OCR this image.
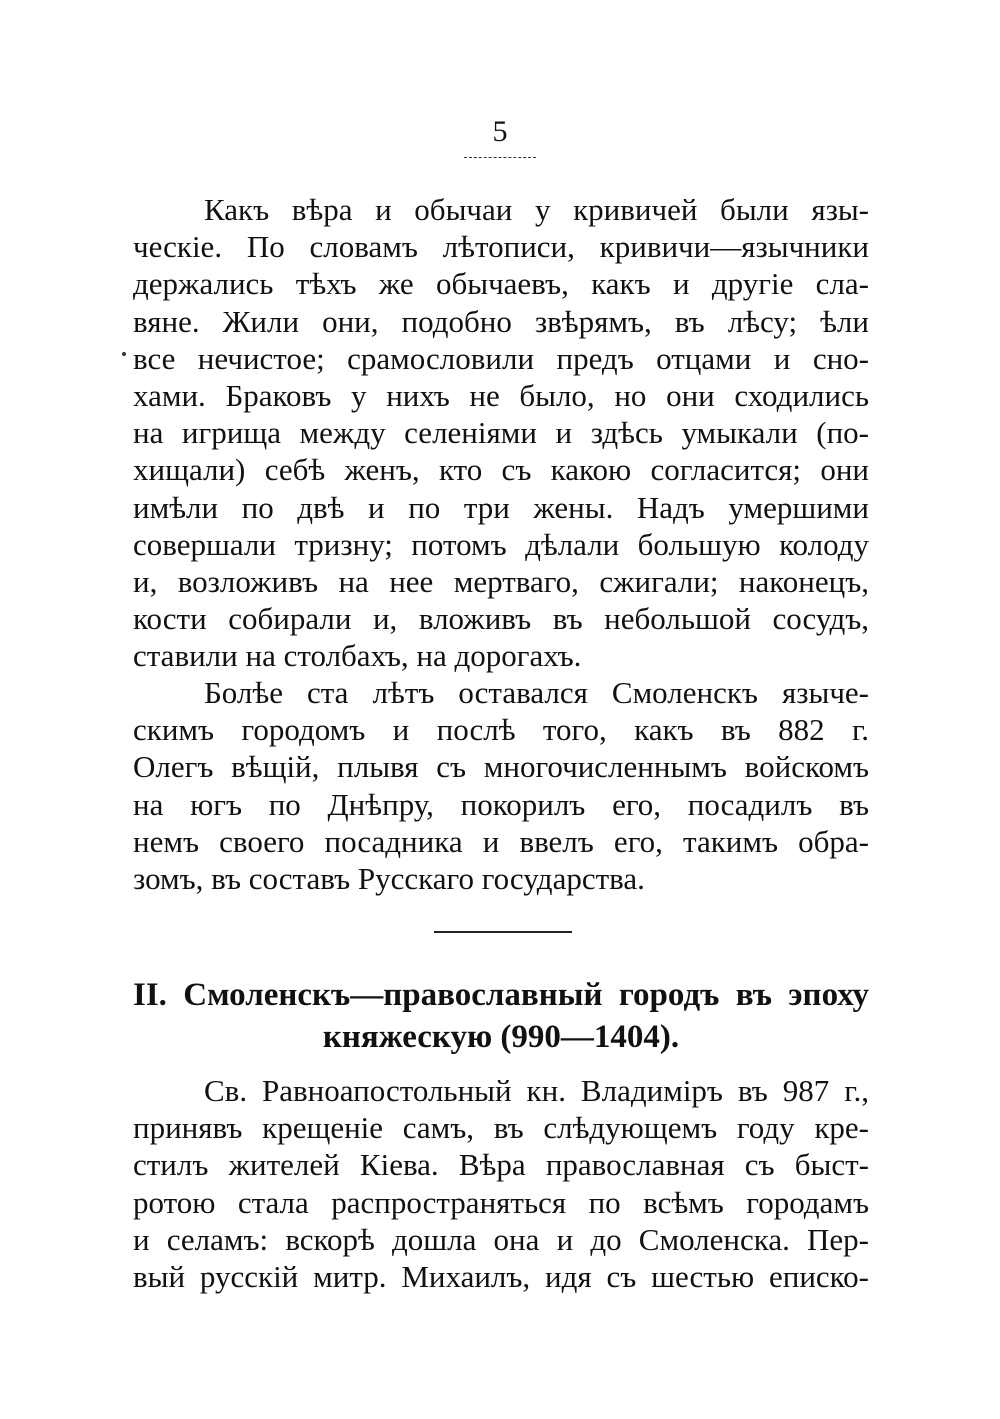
5
Какъ вѣра и обычаи у кривичей были язы-
ческіе. По словамъ лѣтописи, кривичи—язычники
держались тѣхъ же обычаевъ, какъ и другіе сла-
вяне. Жили они, подобно звѣрямъ, въ лѣсу; ѣли
все нечистое; срамословили предъ отцами и сно-
хами. Браковъ у нихъ не было, но они сходились
на игрища между селеніями и здѣсь умыкали (по-
хищали) себѣ женъ, кто съ какою согласится; они
имѣли по двѣ и по три жены. Надъ умершими
совершали тризну; потомъ дѣлали большую колоду
и, возложивъ на нее мертваго, сжигали; наконецъ,
кости собирали и, вложивъ въ небольшой сосудъ,
ставили на столбахъ, на дорогахъ.
Болѣе ста лѣтъ оставался Смоленскъ языче-
скимъ городомъ и послѣ того, какъ въ 882 г.
Олегъ вѣщій, плывя съ многочисленнымъ войскомъ
на югъ по Днѣпру, покорилъ его, посадилъ въ
немъ своего посадника и ввелъ его, такимъ обра-
зомъ, въ составъ Русскаго государства.
II. Смоленскъ—православный городъ въ эпоху
княжескую (990—1404).
Св. Равноапостольный кн. Владиміръ въ 987 г.,
принявъ крещеніе самъ, въ слѣдующемъ году кре-
стилъ жителей Кіева. Вѣра православная съ быст-
ротою стала распространяться по всѣмъ городамъ
и селамъ: вскорѣ дошла она и до Смоленска. Пер-
вый русскій митр. Михаилъ, идя съ шестью еписко-
